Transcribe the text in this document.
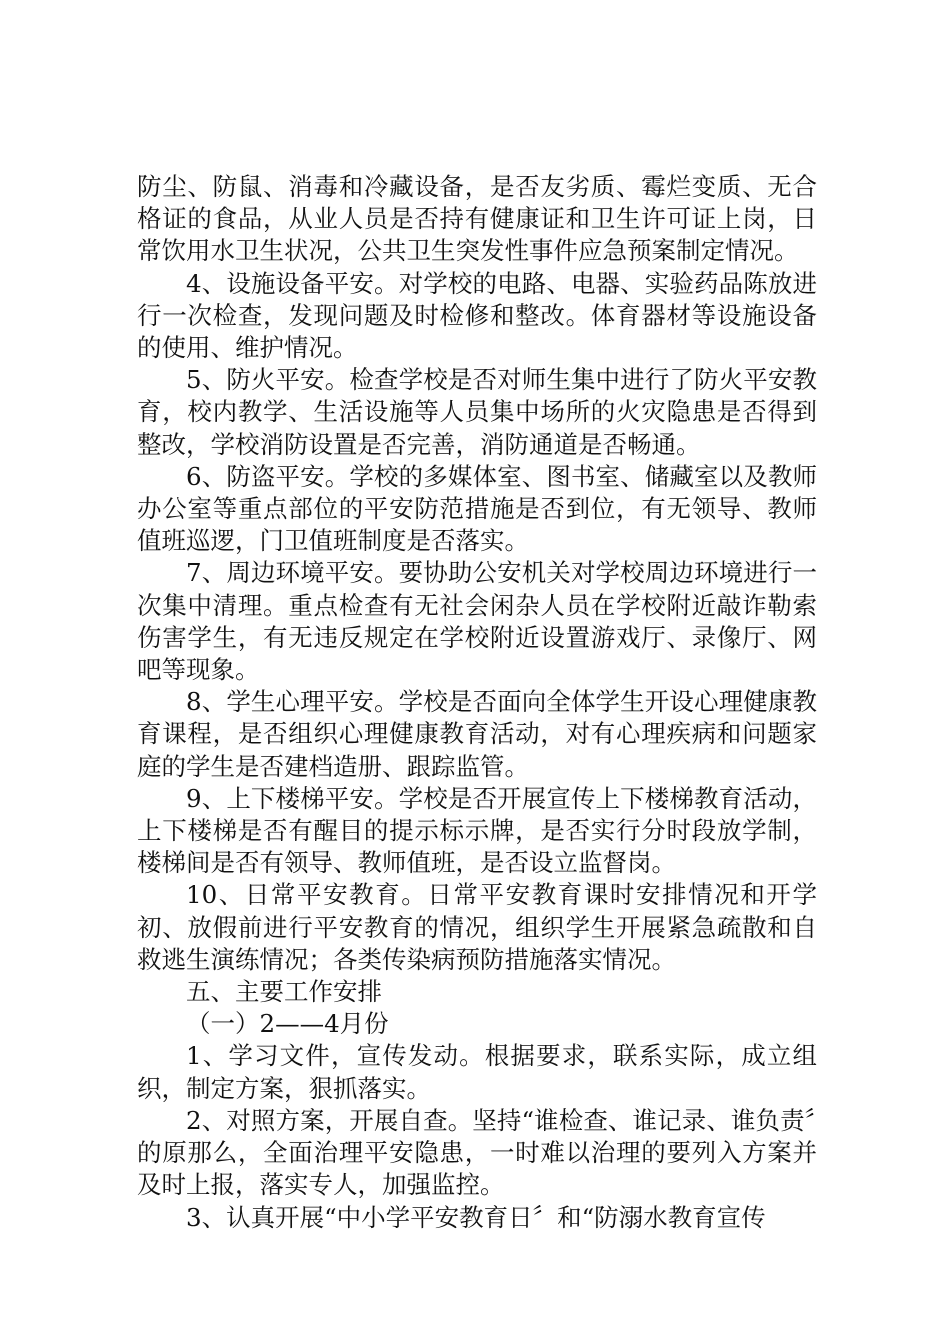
防尘、防鼠、消毒和冷藏设备，是否友劣质、霉烂变质、无合格证的食品，从业人员是否持有健康证和卫生许可证上岗，日常饮用水卫生状况，公共卫生突发性事件应急预案制定情况。

4、设施设备平安。对学校的电路、电器、实验药品陈放进行一次检查，发现问题及时检修和整改。体育器材等设施设备的使用、维护情况。

5、防火平安。检查学校是否对师生集中进行了防火平安教育，校内教学、生活设施等人员集中场所的火灾隐患是否得到整改，学校消防设置是否完善，消防通道是否畅通。

6、防盗平安。学校的多媒体室、图书室、储藏室以及教师办公室等重点部位的平安防范措施是否到位，有无领导、教师值班巡逻，门卫值班制度是否落实。

7、周边环境平安。要协助公安机关对学校周边环境进行一次集中清理。重点检查有无社会闲杂人员在学校附近敲诈勒索伤害学生，有无违反规定在学校附近设置游戏厅、录像厅、网吧等现象。

8、学生心理平安。学校是否面向全体学生开设心理健康教育课程，是否组织心理健康教育活动，对有心理疾病和问题家庭的学生是否建档造册、跟踪监管。

9、上下楼梯平安。学校是否开展宣传上下楼梯教育活动，上下楼梯是否有醒目的提示标示牌，是否实行分时段放学制，楼梯间是否有领导、教师值班，是否设立监督岗。

10、日常平安教育。日常平安教育课时安排情况和开学初、放假前进行平安教育的情况，组织学生开展紧急疏散和自救逃生演练情况；各类传染病预防措施落实情况。

五、主要工作安排

（一）2——4月份

1、学习文件，宣传发动。根据要求，联系实际，成立组织，制定方案，狠抓落实。

2、对照方案，开展自查。坚持“谁检查、谁记录、谁负责〞的原那么，全面治理平安隐患，一时难以治理的要列入方案并及时上报，落实专人，加强监控。

3、认真开展“中小学平安教育日〞和“防溺水教育宣传
